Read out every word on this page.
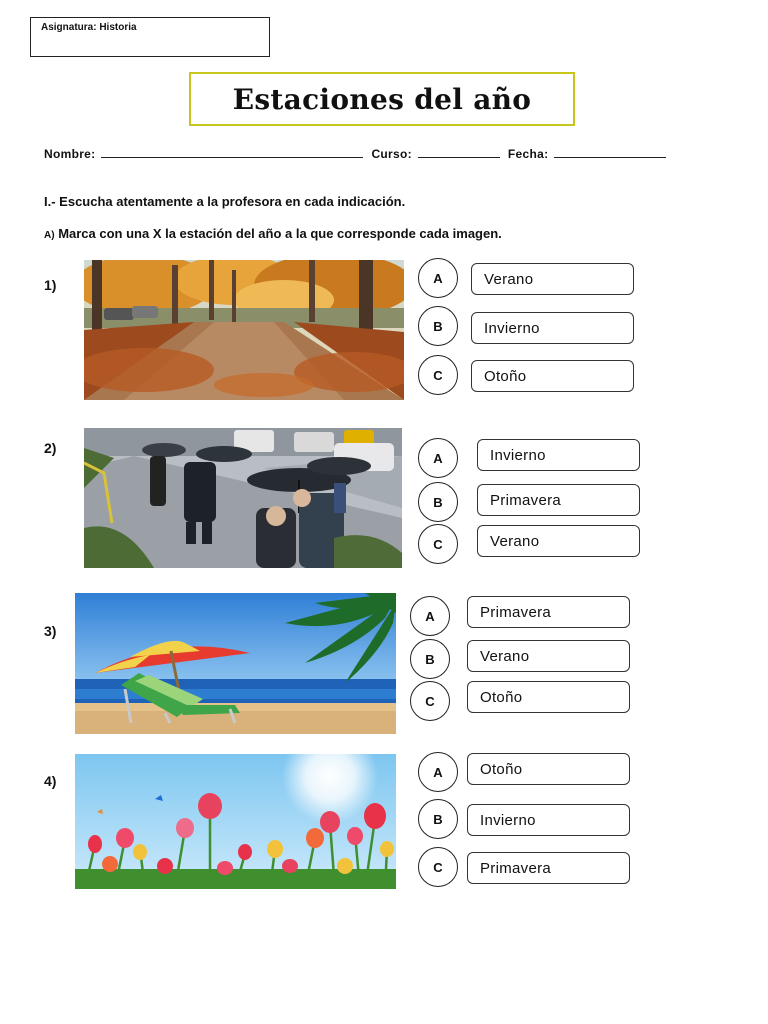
Asignatura: Historia
Estaciones del año
Nombre:	Curso:	Fecha:
I.- Escucha atentamente a la profesora en cada indicación.
A) Marca con una X la estación del año a la que corresponde cada imagen.
1)	A	Verano
B	Invierno
C	Otoño
2)
A	Invierno
B	Primavera
C	Verano
3)
A	Primavera
B	Verano
C	Otoño
4)
A	Otoño
B	Invierno
C	Primavera
